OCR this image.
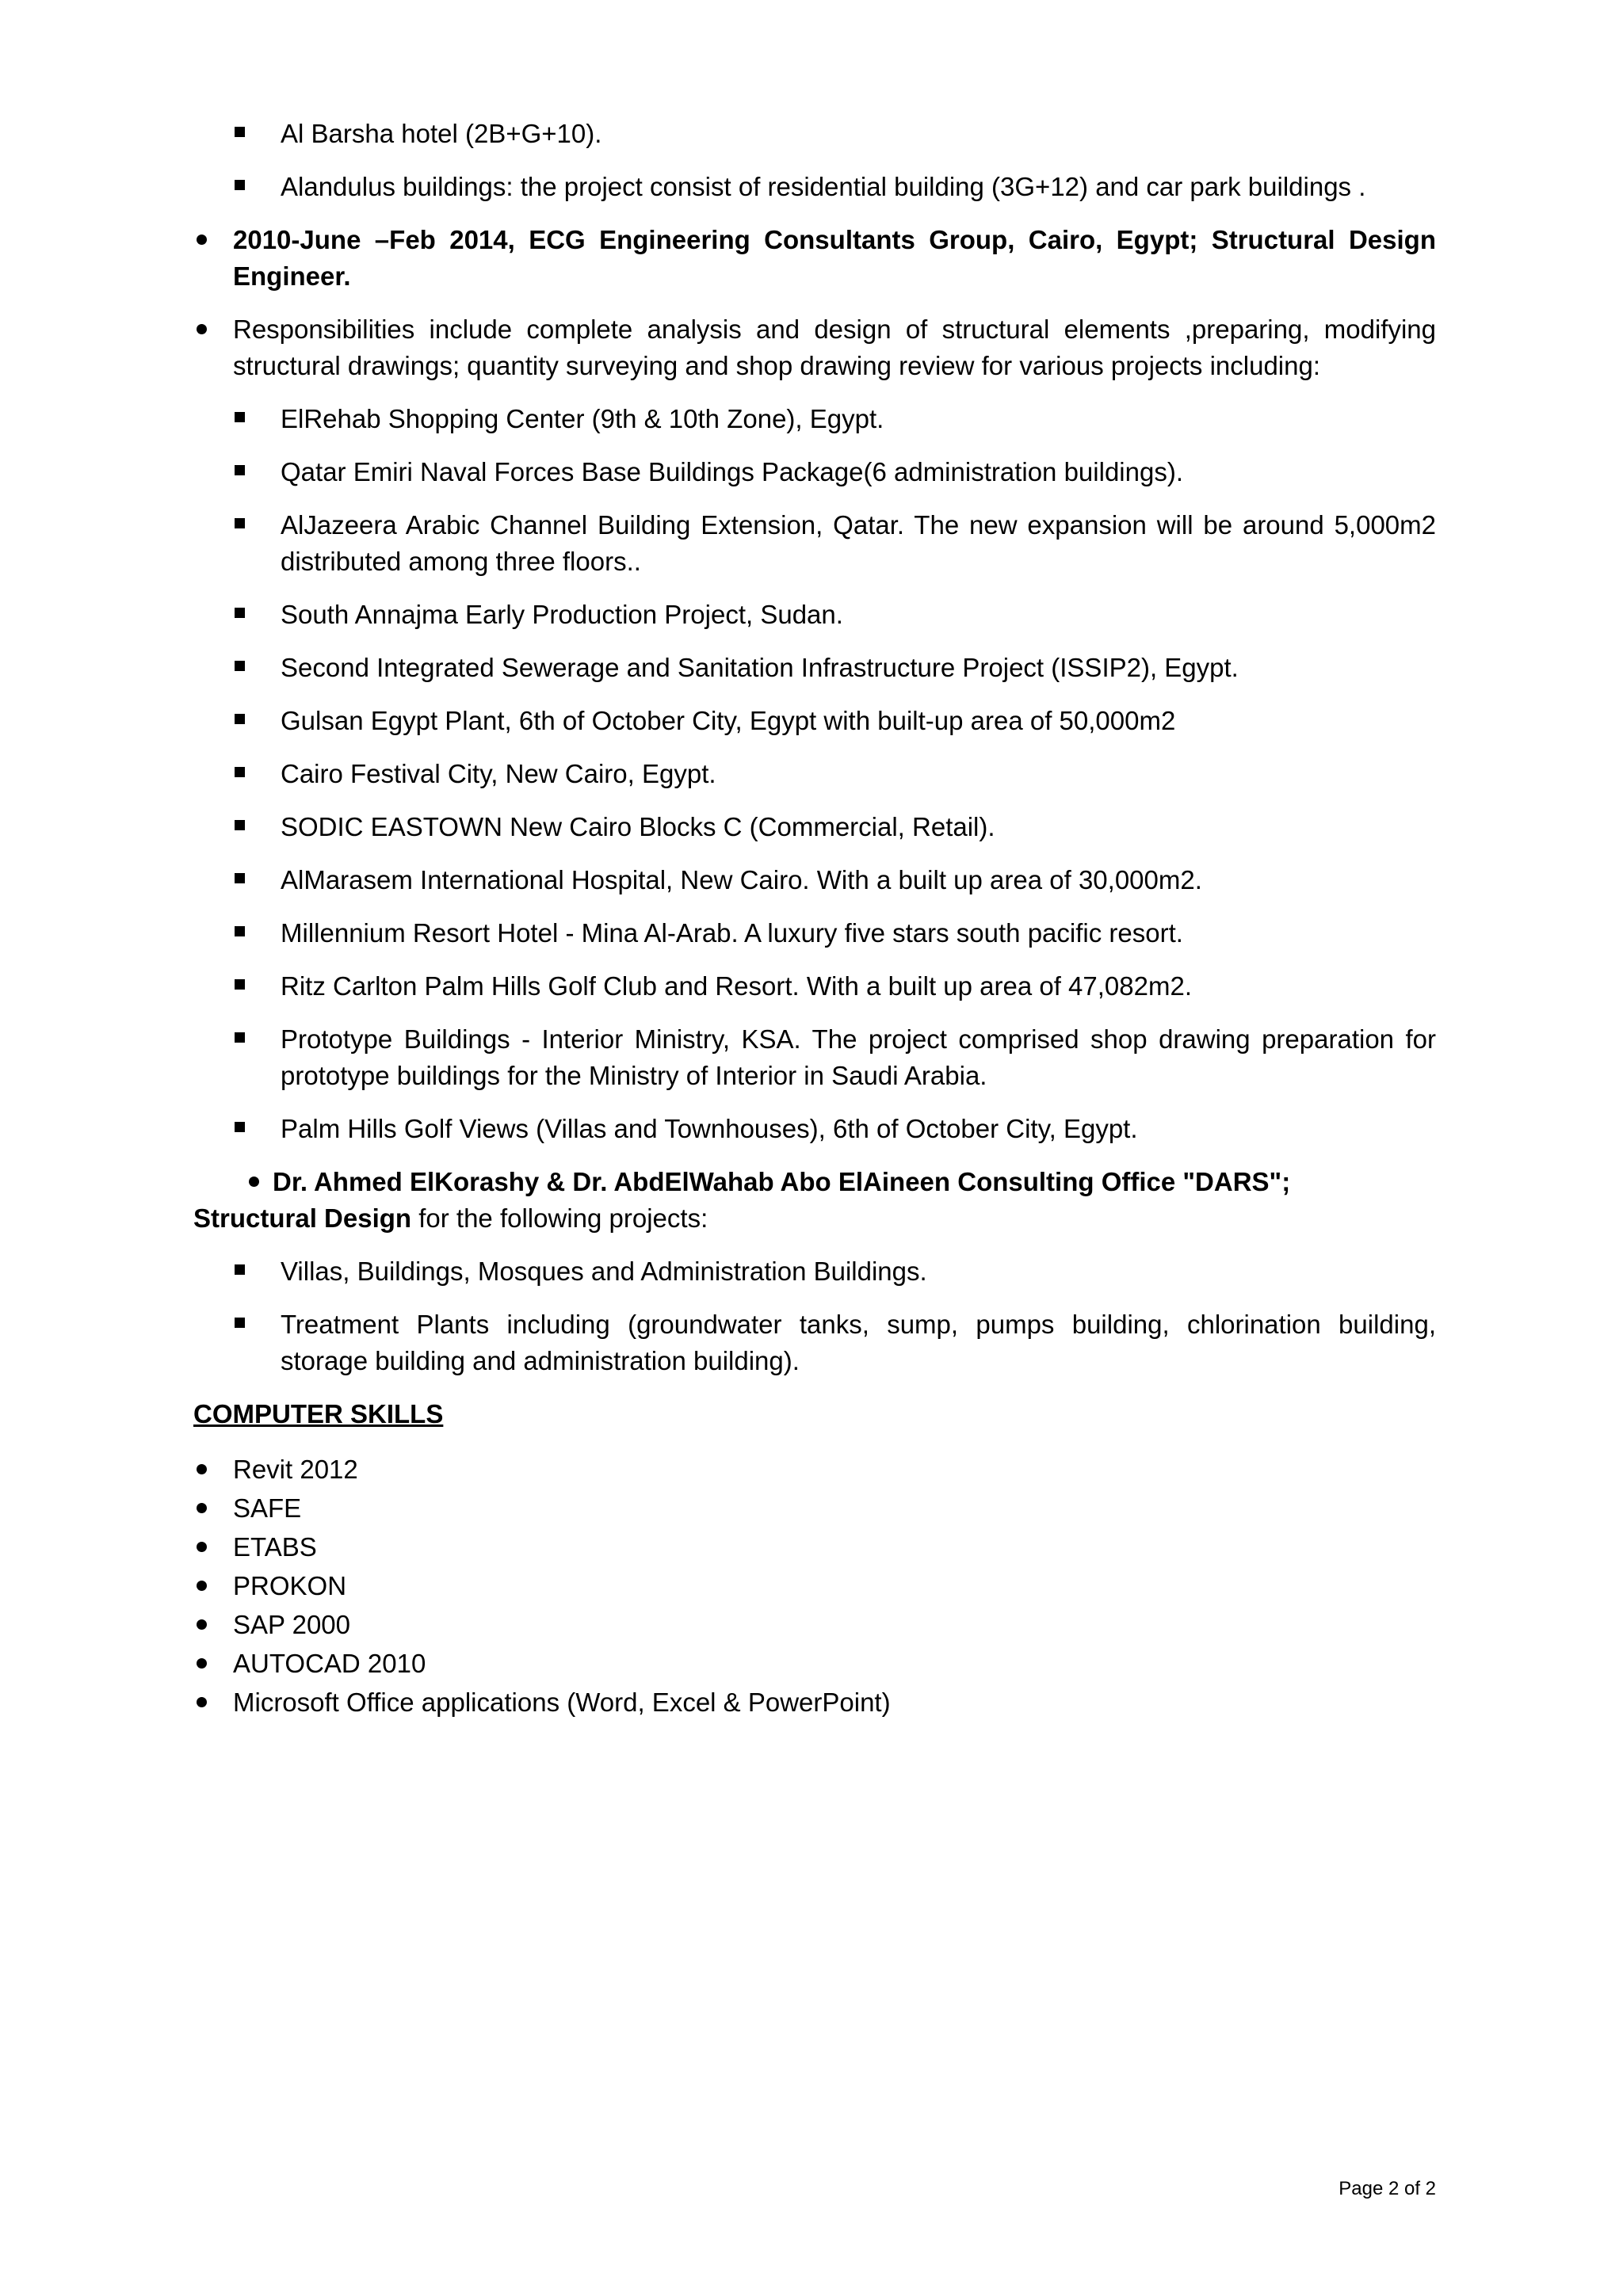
Al Barsha hotel (2B+G+10).
Alandulus buildings: the project consist of residential building (3G+12) and car park buildings .
2010-June –Feb 2014, ECG Engineering Consultants Group, Cairo, Egypt; Structural Design Engineer.
Responsibilities include complete analysis and design of structural elements ,preparing, modifying structural drawings; quantity surveying and shop drawing review for various projects including:
ElRehab Shopping Center (9th & 10th Zone), Egypt.
Qatar Emiri Naval Forces Base Buildings Package(6 administration buildings).
AlJazeera Arabic Channel Building Extension, Qatar. The new expansion will be around 5,000m2 distributed among three floors..
South Annajma Early Production Project, Sudan.
Second Integrated Sewerage and Sanitation Infrastructure Project (ISSIP2), Egypt.
Gulsan Egypt Plant, 6th of October City, Egypt with built-up area of 50,000m2
Cairo Festival City, New Cairo, Egypt.
SODIC EASTOWN New Cairo Blocks C (Commercial, Retail).
AlMarasem International Hospital, New Cairo. With a built up area of 30,000m2.
Millennium Resort Hotel - Mina Al-Arab. A luxury five stars south pacific resort.
Ritz Carlton Palm Hills Golf Club and Resort. With a built up area of 47,082m2.
Prototype Buildings - Interior Ministry, KSA. The project comprised shop drawing preparation for prototype buildings for the Ministry of Interior in Saudi Arabia.
Palm Hills Golf Views (Villas and Townhouses), 6th of October City, Egypt.
Dr. Ahmed ElKorashy & Dr. AbdElWahab Abo ElAineen Consulting Office "DARS";
Structural Design for the following projects:
Villas, Buildings, Mosques and Administration Buildings.
Treatment Plants including (groundwater tanks, sump, pumps building, chlorination building, storage building and administration building).
COMPUTER SKILLS
Revit 2012
SAFE
ETABS
PROKON
SAP 2000
AUTOCAD 2010
Microsoft Office applications (Word, Excel & PowerPoint)
Page 2 of 2
